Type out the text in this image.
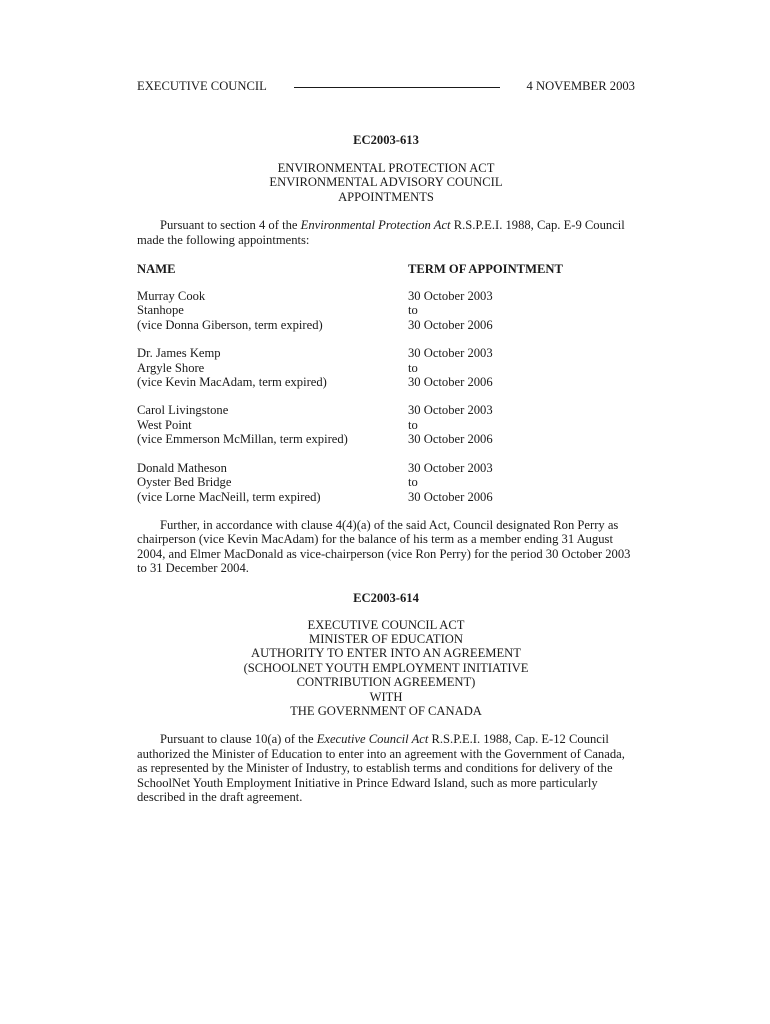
EXECUTIVE COUNCIL	4 NOVEMBER 2003
EC2003-613
ENVIRONMENTAL PROTECTION ACT
ENVIRONMENTAL ADVISORY COUNCIL
APPOINTMENTS

Pursuant to section 4 of the Environmental Protection Act R.S.P.E.I. 1988, Cap. E-9 Council made the following appointments:

NAME	TERM OF APPOINTMENT
Murray Cook
Stanhope
(vice Donna Giberson, term expired)
30 October 2003
to
30 October 2006
Dr. James Kemp
Argyle Shore
(vice Kevin MacAdam, term expired)
30 October 2003
to
30 October 2006
Carol Livingstone
West Point
(vice Emmerson McMillan, term expired)
30 October 2003
to
30 October 2006
Donald Matheson
Oyster Bed Bridge
(vice Lorne MacNeill, term expired)
30 October 2003
to
30 October 2006

Further, in accordance with clause 4(4)(a) of the said Act, Council designated Ron Perry as chairperson (vice Kevin MacAdam) for the balance of his term as a member ending 31 August 2004, and Elmer MacDonald as vice-chairperson (vice Ron Perry) for the period 30 October 2003 to 31 December 2004.

EC2003-614
EXECUTIVE COUNCIL ACT
MINISTER OF EDUCATION
AUTHORITY TO ENTER INTO AN AGREEMENT
(SCHOOLNET YOUTH EMPLOYMENT INITIATIVE
CONTRIBUTION AGREEMENT)
WITH
THE GOVERNMENT OF CANADA

Pursuant to clause 10(a) of the Executive Council Act R.S.P.E.I. 1988, Cap. E-12 Council authorized the Minister of Education to enter into an agreement with the Government of Canada, as represented by the Minister of Industry, to establish terms and conditions for delivery of the SchoolNet Youth Employment Initiative in Prince Edward Island, such as more particularly described in the draft agreement.
